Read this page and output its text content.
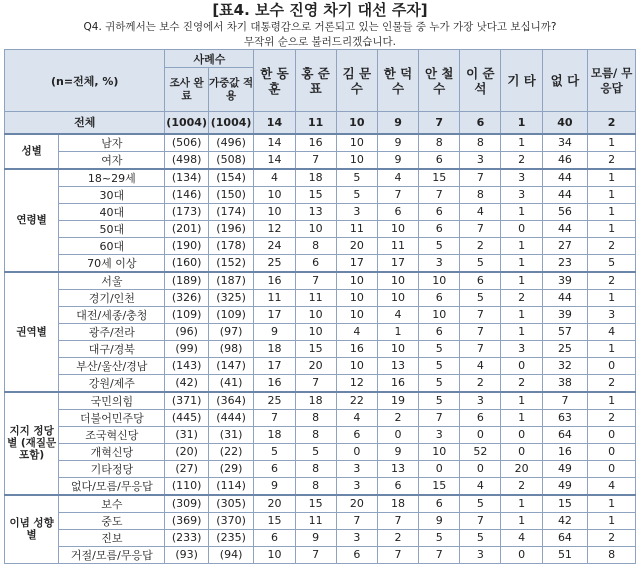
[표4. 보수 진영 차기 대선 주자]
Q4. 귀하께서는 보수 진영에서 차기 대통령감으로 거론되고 있는 인물들 중 누가 가장 낫다고 보십니까?
무작위 순으로 불러드리겠습니다.
(n=전체, %)		사례수		한 동 훈	홍 준 표	김 문 수	한 덕 수	안 철 수	이 준 석	기 타	없 다	모름/ 무응답
		조사 완료	가중값 적용									
전체		(1004)	(1004)	14	11	10	9	7	6	1	40	2
성별	남자	(506)	(496)	14	16	10	9	8	8	1	34	1
	여자	(498)	(508)	14	7	10	9	6	3	2	46	2
연령별	18~29세	(134)	(154)	4	18	5	4	15	7	3	44	1
	30대	(146)	(150)	10	15	5	7	7	8	3	44	1
	40대	(173)	(174)	10	13	3	6	6	4	1	56	1
	50대	(201)	(196)	12	10	11	10	6	7	0	44	1
	60대	(190)	(178)	24	8	20	11	5	2	1	27	2
	70세 이상	(160)	(152)	25	6	17	17	3	5	1	23	5
권역별	서울	(189)	(187)	16	7	10	10	10	6	1	39	2
	경기/인천	(326)	(325)	11	11	10	10	6	5	2	44	1
	대전/세종/충청	(109)	(109)	17	10	10	4	10	7	1	39	3
	광주/전라	(96)	(97)	9	10	4	1	6	7	1	57	4
	대구/경북	(99)	(98)	18	15	16	10	5	7	3	25	1
	부산/울산/경남	(143)	(147)	17	20	10	13	5	4	0	32	0
	강원/제주	(42)	(41)	16	7	12	16	5	2	2	38	2
지지 정당별 (재질문 포함)	국민의힘	(371)	(364)	25	18	22	19	5	3	1	7	1
	더불어민주당	(445)	(444)	7	8	4	2	7	6	1	63	2
	조국혁신당	(31)	(31)	18	8	6	0	3	0	0	64	0
	개혁신당	(20)	(22)	5	5	0	9	10	52	0	16	0
	기타정당	(27)	(29)	6	8	3	13	0	0	20	49	0
	없다/모름/무응답	(110)	(114)	9	8	3	6	15	4	2	49	4
이념 성향별	보수	(309)	(305)	20	15	20	18	6	5	1	15	1
	중도	(369)	(370)	15	11	7	7	9	7	1	42	1
	진보	(233)	(235)	6	9	3	2	5	5	4	64	2
	거절/모름/무응답	(93)	(94)	10	7	6	7	7	3	0	51	8
